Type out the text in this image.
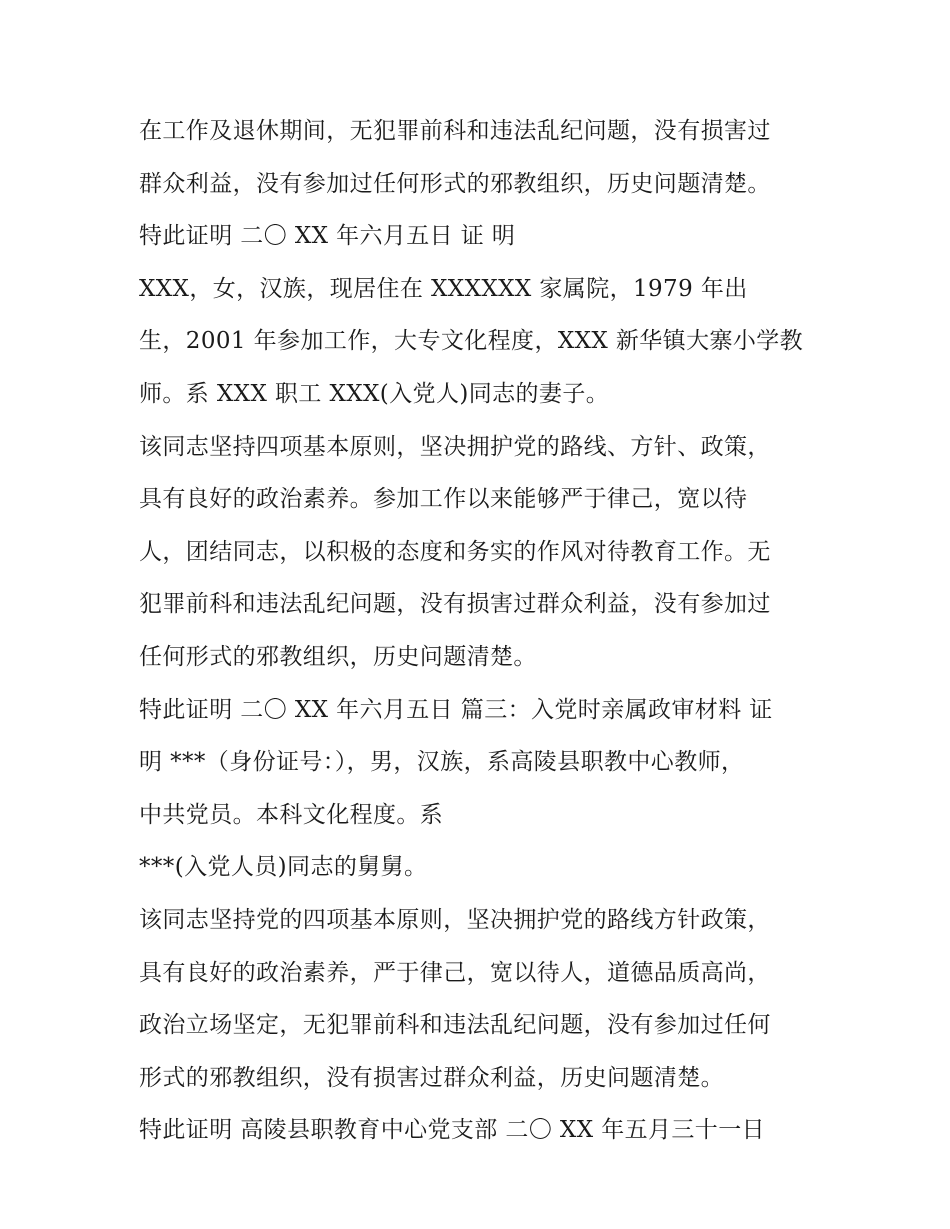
在工作及退休期间，无犯罪前科和违法乱纪问题，没有损害过
群众利益，没有参加过任何形式的邪教组织，历史问题清楚。
特此证明 二〇 XX 年六月五日 证 明
XXX，女，汉族，现居住在 XXXXXX 家属院，1979 年出
生，2001 年参加工作，大专文化程度，XXX 新华镇大寨小学教
师。系 XXX 职工 XXX(入党人)同志的妻子。
该同志坚持四项基本原则，坚决拥护党的路线、方针、政策，
具有良好的政治素养。参加工作以来能够严于律己，宽以待
人，团结同志，以积极的态度和务实的作风对待教育工作。无
犯罪前科和违法乱纪问题，没有损害过群众利益，没有参加过
任何形式的邪教组织，历史问题清楚。
特此证明 二〇 XX 年六月五日 篇三：入党时亲属政审材料 证
明 ***（身份证号：），男，汉族，系高陵县职教中心教师，
中共党员。本科文化程度。系
***(入党人员)同志的舅舅。
该同志坚持党的四项基本原则，坚决拥护党的路线方针政策，
具有良好的政治素养，严于律己，宽以待人，道德品质高尚，
政治立场坚定，无犯罪前科和违法乱纪问题，没有参加过任何
形式的邪教组织，没有损害过群众利益，历史问题清楚。
特此证明 高陵县职教育中心党支部 二〇 XX 年五月三十一日
